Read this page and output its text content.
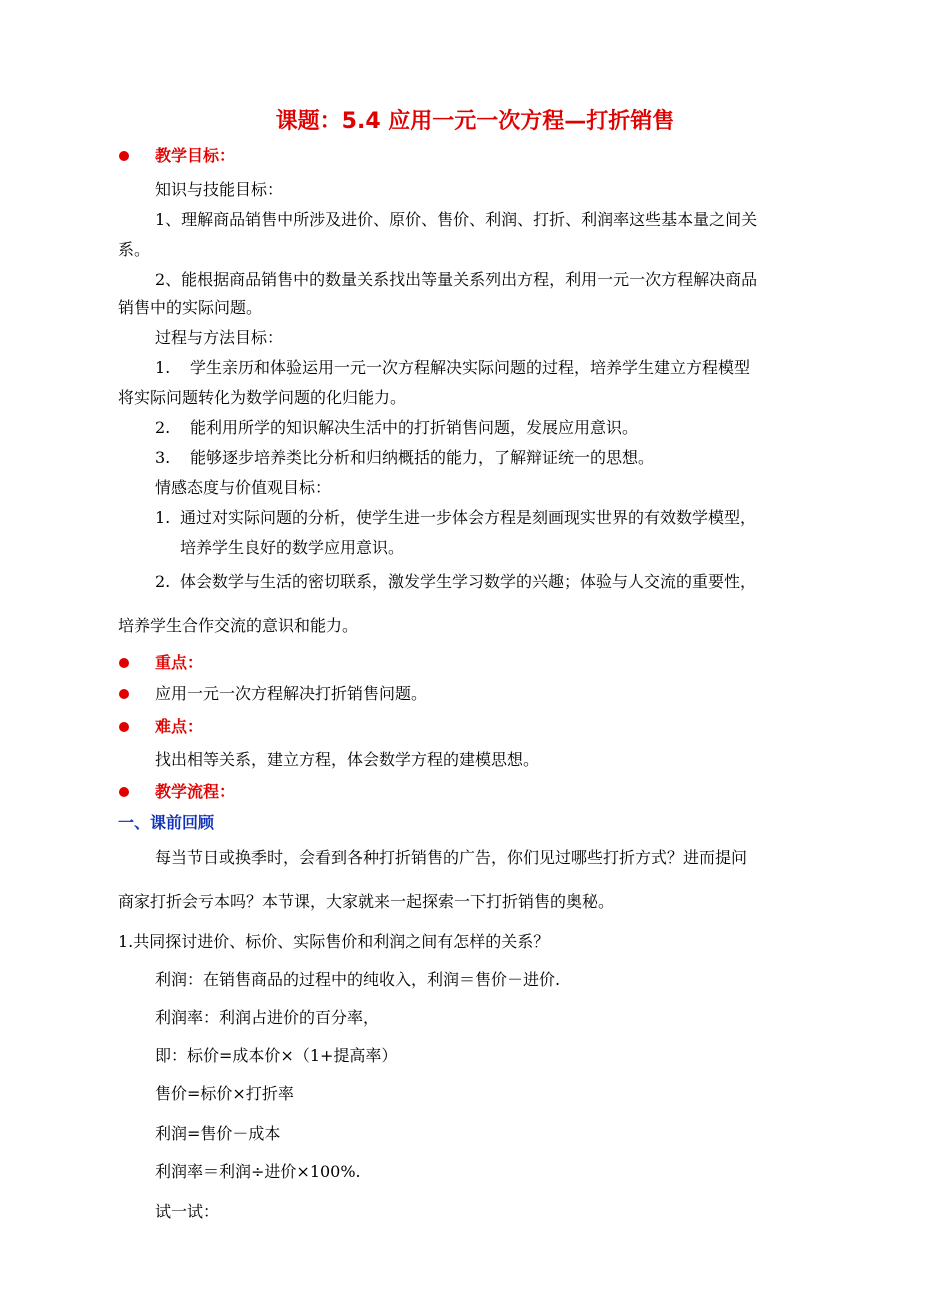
课题：5.4 应用一元一次方程—打折销售
教学目标：
知识与技能目标：
1、理解商品销售中所涉及进价、原价、售价、利润、打折、利润率这些基本量之间关
系。
2、能根据商品销售中的数量关系找出等量关系列出方程，利用一元一次方程解决商品
销售中的实际问题。
过程与方法目标：
1. 学生亲历和体验运用一元一次方程解决实际问题的过程，培养学生建立方程模型
将实际问题转化为数学问题的化归能力。
2. 能利用所学的知识解决生活中的打折销售问题，发展应用意识。
3. 能够逐步培养类比分析和归纳概括的能力，了解辩证统一的思想。
情感态度与价值观目标：
1. 通过对实际问题的分析，使学生进一步体会方程是刻画现实世界的有效数学模型，
培养学生良好的数学应用意识。
2. 体会数学与生活的密切联系，激发学生学习数学的兴趣；体验与人交流的重要性，
培养学生合作交流的意识和能力。
重点：
应用一元一次方程解决打折销售问题。
难点：
找出相等关系，建立方程，体会数学方程的建模思想。
教学流程：
一、课前回顾
每当节日或换季时，会看到各种打折销售的广告，你们见过哪些打折方式？进而提问
商家打折会亏本吗？本节课，大家就来一起探索一下打折销售的奥秘。
1.共同探讨进价、标价、实际售价和利润之间有怎样的关系？
利润：在销售商品的过程中的纯收入，利润＝售价－进价.
利润率：利润占进价的百分率，
即：标价=成本价×（1+提高率）
售价=标价×打折率
利润=售价－成本
利润率＝利润÷进价×100%.
试一试：
